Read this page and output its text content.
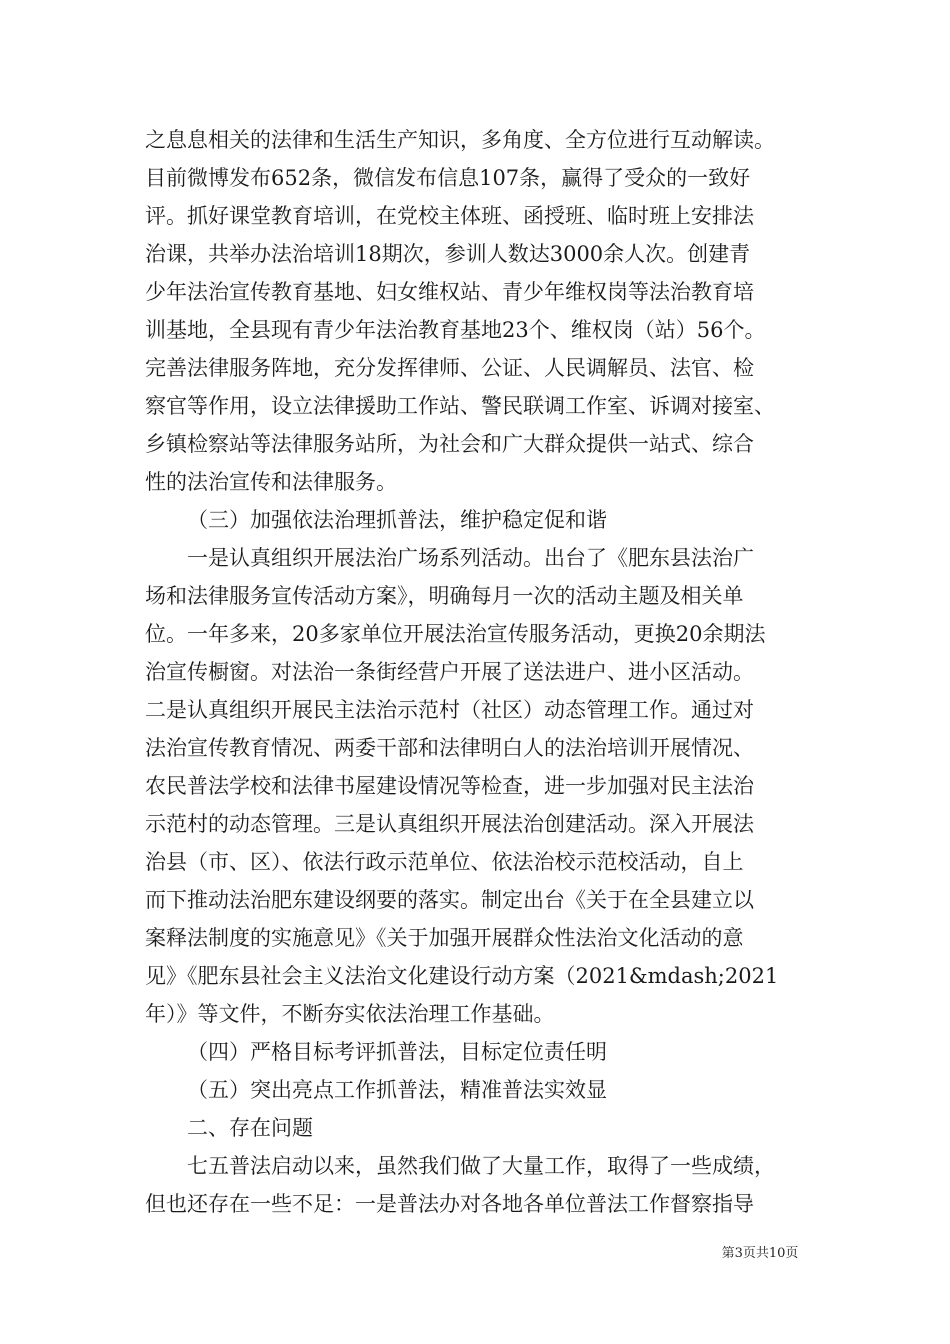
之息息相关的法律和生活生产知识，多角度、全方位进行互动解读。
目前微博发布652条，微信发布信息107条，赢得了受众的一致好
评。抓好课堂教育培训，在党校主体班、函授班、临时班上安排法
治课，共举办法治培训18期次，参训人数达3000余人次。创建青
少年法治宣传教育基地、妇女维权站、青少年维权岗等法治教育培
训基地，全县现有青少年法治教育基地23个、维权岗（站）56个。
完善法律服务阵地，充分发挥律师、公证、人民调解员、法官、检
察官等作用，设立法律援助工作站、警民联调工作室、诉调对接室、
乡镇检察站等法律服务站所，为社会和广大群众提供一站式、综合
性的法治宣传和法律服务。
（三）加强依法治理抓普法，维护稳定促和谐
一是认真组织开展法治广场系列活动。出台了《肥东县法治广
场和法律服务宣传活动方案》，明确每月一次的活动主题及相关单
位。一年多来，20多家单位开展法治宣传服务活动，更换20余期法
治宣传橱窗。对法治一条街经营户开展了送法进户、进小区活动。
二是认真组织开展民主法治示范村（社区）动态管理工作。通过对
法治宣传教育情况、两委干部和法律明白人的法治培训开展情况、
农民普法学校和法律书屋建设情况等检查，进一步加强对民主法治
示范村的动态管理。三是认真组织开展法治创建活动。深入开展法
治县（市、区）、依法行政示范单位、依法治校示范校活动，自上
而下推动法治肥东建设纲要的落实。制定出台《关于在全县建立以
案释法制度的实施意见》《关于加强开展群众性法治文化活动的意
见》《肥东县社会主义法治文化建设行动方案（2021&mdash;2021
年）》等文件，不断夯实依法治理工作基础。
（四）严格目标考评抓普法，目标定位责任明
（五）突出亮点工作抓普法，精准普法实效显
二、存在问题
七五普法启动以来，虽然我们做了大量工作，取得了一些成绩，
但也还存在一些不足：一是普法办对各地各单位普法工作督察指导
第3页共10页
